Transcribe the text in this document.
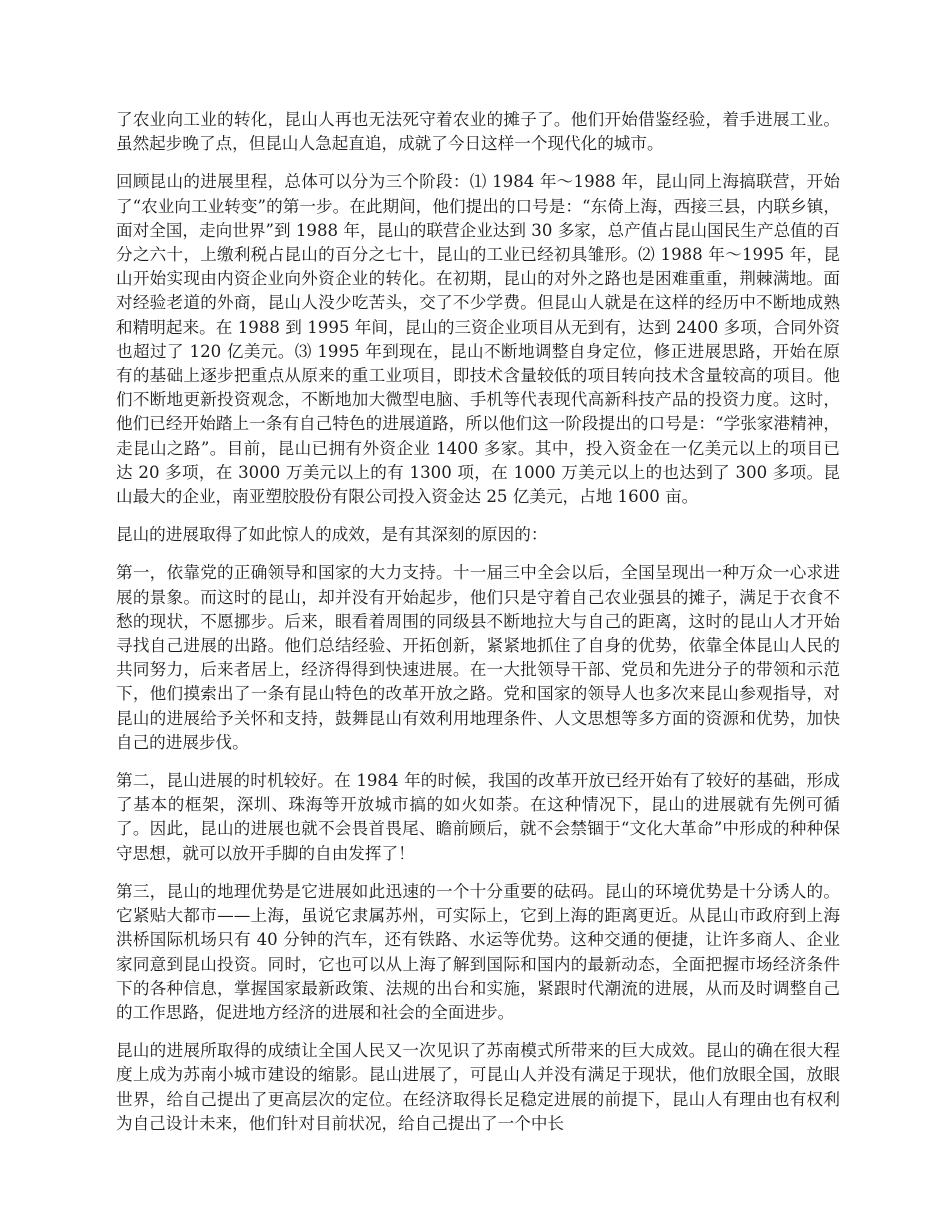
了农业向工业的转化，昆山人再也无法死守着农业的摊子了。他们开始借鉴经验，着手进展工业。虽然起步晚了点，但昆山人急起直追，成就了今日这样一个现代化的城市。

回顾昆山的进展里程，总体可以分为三个阶段：⑴ 1984 年～1988 年，昆山同上海搞联营，开始了“农业向工业转变”的第一步。在此期间，他们提出的口号是：“东倚上海，西接三县，内联乡镇，面对全国，走向世界”到 1988 年，昆山的联营企业达到 30 多家，总产值占昆山国民生产总值的百分之六十，上缴利税占昆山的百分之七十，昆山的工业已经初具雏形。⑵ 1988 年～1995 年，昆山开始实现由内资企业向外资企业的转化。在初期，昆山的对外之路也是困难重重，荆棘满地。面对经验老道的外商，昆山人没少吃苦头，交了不少学费。但昆山人就是在这样的经历中不断地成熟和精明起来。在 1988 到 1995 年间，昆山的三资企业项目从无到有，达到 2400 多项，合同外资也超过了 120 亿美元。⑶ 1995 年到现在，昆山不断地调整自身定位，修正进展思路，开始在原有的基础上逐步把重点从原来的重工业项目，即技术含量较低的项目转向技术含量较高的项目。他们不断地更新投资观念，不断地加大微型电脑、手机等代表现代高新科技产品的投资力度。这时，他们已经开始踏上一条有自己特色的进展道路，所以他们这一阶段提出的口号是：“学张家港精神，走昆山之路”。目前，昆山已拥有外资企业 1400 多家。其中，投入资金在一亿美元以上的项目已达 20 多项，在 3000 万美元以上的有 1300 项，在 1000 万美元以上的也达到了 300 多项。昆山最大的企业，南亚塑胶股份有限公司投入资金达 25 亿美元，占地 1600 亩。

昆山的进展取得了如此惊人的成效，是有其深刻的原因的：

第一，依靠党的正确领导和国家的大力支持。十一届三中全会以后，全国呈现出一种万众一心求进展的景象。而这时的昆山，却并没有开始起步，他们只是守着自己农业强县的摊子，满足于衣食不愁的现状，不愿挪步。后来，眼看着周围的同级县不断地拉大与自己的距离，这时的昆山人才开始寻找自己进展的出路。他们总结经验、开拓创新，紧紧地抓住了自身的优势，依靠全体昆山人民的共同努力，后来者居上，经济得得到快速进展。在一大批领导干部、党员和先进分子的带领和示范下，他们摸索出了一条有昆山特色的改革开放之路。党和国家的领导人也多次来昆山参观指导，对昆山的进展给予关怀和支持，鼓舞昆山有效利用地理条件、人文思想等多方面的资源和优势，加快自己的进展步伐。

第二，昆山进展的时机较好。在 1984 年的时候，我国的改革开放已经开始有了较好的基础，形成了基本的框架，深圳、珠海等开放城市搞的如火如荼。在这种情况下，昆山的进展就有先例可循了。因此，昆山的进展也就不会畏首畏尾、瞻前顾后，就不会禁锢于“文化大革命”中形成的种种保守思想，就可以放开手脚的自由发挥了！

第三，昆山的地理优势是它进展如此迅速的一个十分重要的砝码。昆山的环境优势是十分诱人的。它紧贴大都市——上海，虽说它隶属苏州，可实际上，它到上海的距离更近。从昆山市政府到上海洪桥国际机场只有 40 分钟的汽车，还有铁路、水运等优势。这种交通的便捷，让许多商人、企业家同意到昆山投资。同时，它也可以从上海了解到国际和国内的最新动态，全面把握市场经济条件下的各种信息，掌握国家最新政策、法规的出台和实施，紧跟时代潮流的进展，从而及时调整自己的工作思路，促进地方经济的进展和社会的全面进步。

昆山的进展所取得的成绩让全国人民又一次见识了苏南模式所带来的巨大成效。昆山的确在很大程度上成为苏南小城市建设的缩影。昆山进展了，可昆山人并没有满足于现状，他们放眼全国，放眼世界，给自己提出了更高层次的定位。在经济取得长足稳定进展的前提下，昆山人有理由也有权利为自己设计未来，他们针对目前状况，给自己提出了一个中长
